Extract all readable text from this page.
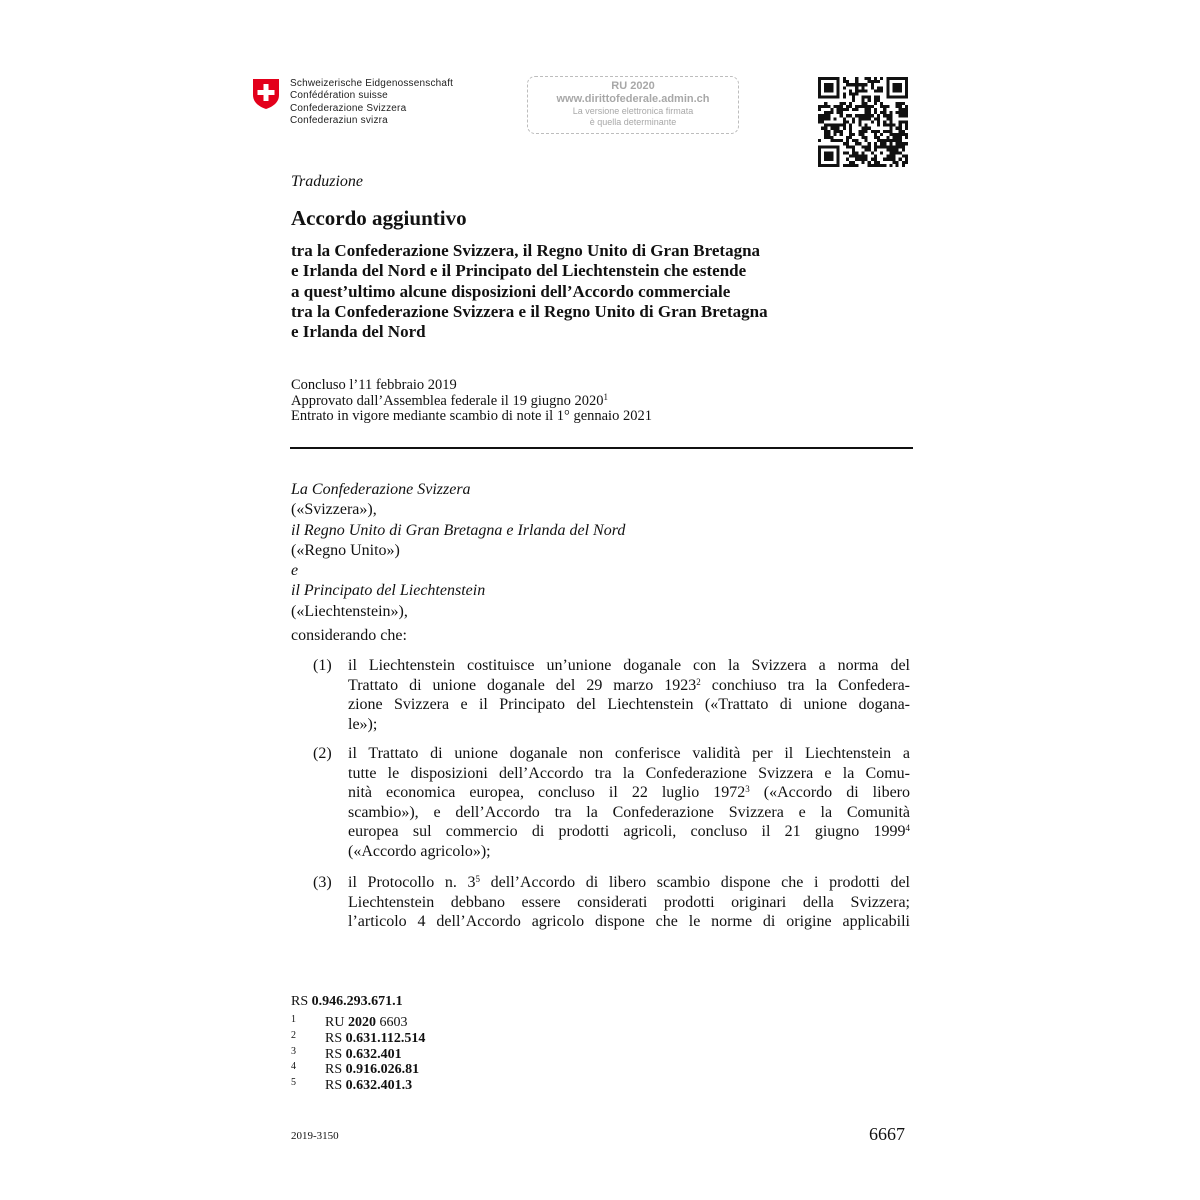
Schweizerische Eidgenossenschaft
Confédération suisse
Confederazione Svizzera
Confederaziun svizra
RU 2020
www.dirittofederale.admin.ch
La versione elettronica firmata
è quella determinante
Traduzione
Accordo aggiuntivo
tra la Confederazione Svizzera, il Regno Unito di Gran Bretagna
e Irlanda del Nord e il Principato del Liechtenstein che estende
a quest’ultimo alcune disposizioni dell’Accordo commerciale
tra la Confederazione Svizzera e il Regno Unito di Gran Bretagna
e Irlanda del Nord
Concluso l’11 febbraio 2019
Approvato dall’Assemblea federale il 19 giugno 2020$^1$
Entrato in vigore mediante scambio di note il 1° gennaio 2021
La Confederazione Svizzera
(«Svizzera»),
il Regno Unito di Gran Bretagna e Irlanda del Nord
(«Regno Unito»)
e
il Principato del Liechtenstein
(«Liechtenstein»),
considerando che:
(1) il Liechtenstein costituisce un’unione doganale con la Svizzera a norma del
Trattato di unione doganale del 29 marzo 1923$^2$ conchiuso tra la Confedera-
zione Svizzera e il Principato del Liechtenstein («Trattato di unione dogana-
le»);
(2) il Trattato di unione doganale non conferisce validità per il Liechtenstein a
tutte le disposizioni dell’Accordo tra la Confederazione Svizzera e la Comu-
nità economica europea, concluso il 22 luglio 1972$^3$ («Accordo di libero
scambio»), e dell’Accordo tra la Confederazione Svizzera e la Comunità
europea sul commercio di prodotti agricoli, concluso il 21 giugno 1999$^4$
(«Accordo agricolo»);
(3) il Protocollo n. $3^5$ dell’Accordo di libero scambio dispone che i prodotti del
Liechtenstein debbano essere considerati prodotti originari della Svizzera;
l’articolo 4 dell’Accordo agricolo dispone che le norme di origine applicabili
RS 0.946.293.671.1
1 RU 2020 6603
2 RS 0.631.112.514
3 RS 0.632.401
4 RS 0.916.026.81
5 RS 0.632.401.3
2019-3150	6667
